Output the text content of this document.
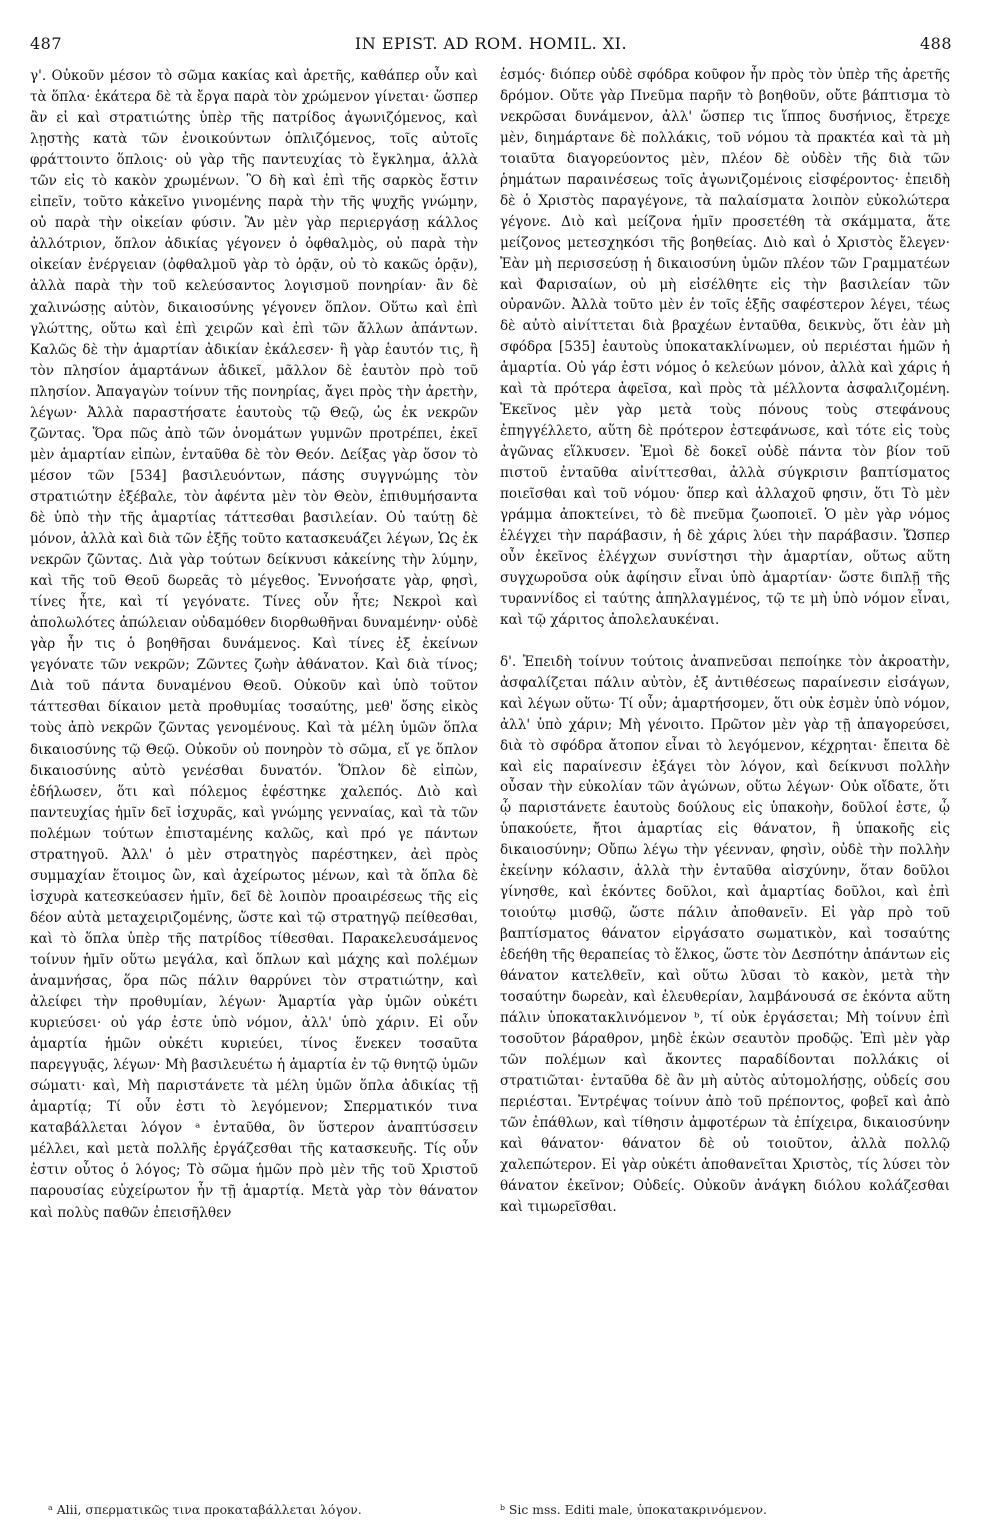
487	IN EPIST. AD ROM. HOMIL. XI.	488

γ'. Οὐκοῦν μέσον τὸ σῶμα κακίας καὶ ἀρετῆς, καθάπερ οὖν καὶ τὰ ὅπλα· ἑκάτερα δὲ τὰ ἔργα παρὰ τὸν χρώμενον γίνεται· ὥσπερ ἂν εἰ καὶ στρατιώτης ὑπὲρ τῆς πατρίδος ἀγωνιζόμενος, καὶ λῃστὴς κατὰ τῶν ἐνοικούντων ὁπλιζόμενος, τοῖς αὐτοῖς φράττοιντο ὅπλοις· οὐ γὰρ τῆς παντευχίας τὸ ἔγκλημα, ἀλλὰ τῶν εἰς τὸ κακὸν χρωμένων. Ὃ δὴ καὶ ἐπὶ τῆς σαρκὸς ἔστιν εἰπεῖν, τοῦτο κἀκεῖνο γινομένης παρὰ τὴν τῆς ψυχῆς γνώμην, οὐ παρὰ τὴν οἰκείαν φύσιν. Ἂν μὲν γὰρ περιεργάσῃ κάλλος ἀλλότριον, ὅπλον ἀδικίας γέγονεν ὁ ὀφθαλμὸς, οὐ παρὰ τὴν οἰκείαν ἐνέργειαν (ὀφθαλμοῦ γὰρ τὸ ὁρᾷν, οὐ τὸ κακῶς ὁρᾷν), ἀλλὰ παρὰ τὴν τοῦ κελεύσαντος λογισμοῦ πονηρίαν· ἂν δὲ χαλινώσῃς αὐτὸν, δικαιοσύνης γέγονεν ὅπλον. Οὕτω καὶ ἐπὶ γλώττης, οὕτω καὶ ἐπὶ χειρῶν καὶ ἐπὶ τῶν ἄλλων ἁπάντων. Καλῶς δὲ τὴν ἁμαρτίαν ἀδικίαν ἐκάλεσεν· ἢ γὰρ ἑαυτόν τις, ἢ τὸν πλησίον ἁμαρτάνων ἀδικεῖ, μᾶλλον δὲ ἑαυτὸν πρὸ τοῦ πλησίον. Ἀπαγαγὼν τοίνυν τῆς πονηρίας, ἄγει πρὸς τὴν ἀρετὴν, λέγων· Ἀλλὰ παραστήσατε ἑαυτοὺς τῷ Θεῷ, ὡς ἐκ νεκρῶν ζῶντας. Ὅρα πῶς ἀπὸ τῶν ὀνομάτων γυμνῶν προτρέπει, ἐκεῖ μὲν ἁμαρτίαν εἰπὼν, ἐνταῦθα δὲ τὸν Θεόν. Δείξας γὰρ ὅσον τὸ μέσον τῶν [534] βασιλευόντων, πάσης συγγνώμης τὸν στρατιώτην ἐξέβαλε, τὸν ἀφέντα μὲν τὸν Θεὸν, ἐπιθυμήσαντα δὲ ὑπὸ τὴν τῆς ἁμαρτίας τάττεσθαι βασιλείαν. Οὐ ταύτῃ δὲ μόνον, ἀλλὰ καὶ διὰ τῶν ἑξῆς τοῦτο κατασκευάζει λέγων, Ὡς ἐκ νεκρῶν ζῶντας. Διὰ γὰρ τούτων δείκνυσι κἀκείνης τὴν λύμην, καὶ τῆς τοῦ Θεοῦ δωρεᾶς τὸ μέγεθος. Ἐννοήσατε γὰρ, φησὶ, τίνες ἦτε, καὶ τί γεγόνατε. Τίνες οὖν ἦτε; Νεκροὶ καὶ ἀπολωλότες ἀπώλειαν οὐδαμόθεν διορθωθῆναι δυναμένην· οὐδὲ γὰρ ἦν τις ὁ βοηθῆσαι δυνάμενος. Καὶ τίνες ἐξ ἐκείνων γεγόνατε τῶν νεκρῶν; Ζῶντες ζωὴν ἀθάνατον. Καὶ διὰ τίνος; Διὰ τοῦ πάντα δυναμένου Θεοῦ. Οὐκοῦν καὶ ὑπὸ τοῦτον τάττεσθαι δίκαιον μετὰ προθυμίας τοσαύτης, μεθ' ὅσης εἰκὸς τοὺς ἀπὸ νεκρῶν ζῶντας γενομένους. Καὶ τὰ μέλη ὑμῶν ὅπλα δικαιοσύνης τῷ Θεῷ. Οὐκοῦν οὐ πονηρὸν τὸ σῶμα, εἴ γε ὅπλον δικαιοσύνης αὐτὸ γενέσθαι δυνατόν. Ὅπλον δὲ εἰπὼν, ἐδήλωσεν, ὅτι καὶ πόλεμος ἐφέστηκε χαλεπός. Διὸ καὶ παντευχίας ἡμῖν δεῖ ἰσχυρᾶς, καὶ γνώμης γενναίας, καὶ τὰ τῶν πολέμων τούτων ἐπισταμένης καλῶς, καὶ πρό γε πάντων στρατηγοῦ. Ἀλλ' ὁ μὲν στρατηγὸς παρέστηκεν, ἀεὶ πρὸς συμμαχίαν ἕτοιμος ὢν, καὶ ἀχείρωτος μένων, καὶ τὰ ὅπλα δὲ ἰσχυρὰ κατεσκεύασεν ἡμῖν, δεῖ δὲ λοιπὸν προαιρέσεως τῆς εἰς δέον αὐτὰ μεταχειριζομένης, ὥστε καὶ τῷ στρατηγῷ πείθεσθαι, καὶ τὸ ὅπλα ὑπὲρ τῆς πατρίδος τίθεσθαι. Παρακελευσάμενος τοίνυν ἡμῖν οὕτω μεγάλα, καὶ ὅπλων καὶ μάχης καὶ πολέμων ἀναμνήσας, ὅρα πῶς πάλιν θαρρύνει τὸν στρατιώτην, καὶ ἀλείφει τὴν προθυμίαν, λέγων· Ἁμαρτία γὰρ ὑμῶν οὐκέτι κυριεύσει· οὐ γάρ ἐστε ὑπὸ νόμον, ἀλλ' ὑπὸ χάριν. Εἰ οὖν ἁμαρτία ἡμῶν οὐκέτι κυριεύει, τίνος ἕνεκεν τοσαῦτα παρεγγυᾷς, λέγων· Μὴ βασιλευέτω ἡ ἁμαρτία ἐν τῷ θνητῷ ὑμῶν σώματι· καὶ, Μὴ παριστάνετε τὰ μέλη ὑμῶν ὅπλα ἀδικίας τῇ ἁμαρτίᾳ; Τί οὖν ἐστι τὸ λεγόμενον; Σπερματικόν τινα καταβάλλεται λόγον ᵃ ἐνταῦθα, ὃν ὕστερον ἀναπτύσσειν μέλλει, καὶ μετὰ πολλῆς ἐργάζεσθαι τῆς κατασκευῆς. Τίς οὖν ἐστιν οὗτος ὁ λόγος; Τὸ σῶμα ἡμῶν πρὸ μὲν τῆς τοῦ Χριστοῦ παρουσίας εὐχείρωτον ἦν τῇ ἁμαρτίᾳ. Μετὰ γὰρ τὸν θάνατον καὶ πολὺς παθῶν ἐπεισῆλθεν

ἑσμός· διόπερ οὐδὲ σφόδρα κοῦφον ἦν πρὸς τὸν ὑπὲρ τῆς ἀρετῆς δρόμον. Οὔτε γὰρ Πνεῦμα παρῆν τὸ βοηθοῦν, οὔτε βάπτισμα τὸ νεκρῶσαι δυνάμενον, ἀλλ' ὥσπερ τις ἵππος δυσήνιος, ἔτρεχε μὲν, διημάρτανε δὲ πολλάκις, τοῦ νόμου τὰ πρακτέα καὶ τὰ μὴ τοιαῦτα διαγορεύοντος μὲν, πλέον δὲ οὐδὲν τῆς διὰ τῶν ῥημάτων παραινέσεως τοῖς ἀγωνιζομένοις εἰσφέροντος· ἐπειδὴ δὲ ὁ Χριστὸς παραγέγονε, τὰ παλαίσματα λοιπὸν εὐκολώτερα γέγονε. Διὸ καὶ μείζονα ἡμῖν προσετέθη τὰ σκάμματα, ἅτε μείζονος μετεσχηκόσι τῆς βοηθείας. Διὸ καὶ ὁ Χριστὸς ἔλεγεν· Ἐὰν μὴ περισσεύσῃ ἡ δικαιοσύνη ὑμῶν πλέον τῶν Γραμματέων καὶ Φαρισαίων, οὐ μὴ εἰσέλθητε εἰς τὴν βασιλείαν τῶν οὐρανῶν. Ἀλλὰ τοῦτο μὲν ἐν τοῖς ἑξῆς σαφέστερον λέγει, τέως δὲ αὐτὸ αἰνίττεται διὰ βραχέων ἐνταῦθα, δεικνὺς, ὅτι ἐὰν μὴ σφόδρα [535] ἑαυτοὺς ὑποκατακλίνωμεν, οὐ περιέσται ἡμῶν ἡ ἁμαρτία. Οὐ γάρ ἐστι νόμος ὁ κελεύων μόνον, ἀλλὰ καὶ χάρις ἡ καὶ τὰ πρότερα ἀφεῖσα, καὶ πρὸς τὰ μέλλοντα ἀσφαλιζομένη. Ἐκεῖνος μὲν γὰρ μετὰ τοὺς πόνους τοὺς στεφάνους ἐπηγγέλλετο, αὕτη δὲ πρότερον ἐστεφάνωσε, καὶ τότε εἰς τοὺς ἀγῶνας εἵλκυσεν. Ἐμοὶ δὲ δοκεῖ οὐδὲ πάντα τὸν βίον τοῦ πιστοῦ ἐνταῦθα αἰνίττεσθαι, ἀλλὰ σύγκρισιν βαπτίσματος ποιεῖσθαι καὶ τοῦ νόμου· ὅπερ καὶ ἀλλαχοῦ φησιν, ὅτι Τὸ μὲν γράμμα ἀποκτείνει, τὸ δὲ πνεῦμα ζωοποιεῖ. Ὁ μὲν γὰρ νόμος ἐλέγχει τὴν παράβασιν, ἡ δὲ χάρις λύει τὴν παράβασιν. Ὥσπερ οὖν ἐκεῖνος ἐλέγχων συνίστησι τὴν ἁμαρτίαν, οὕτως αὕτη συγχωροῦσα οὐκ ἀφίησιν εἶναι ὑπὸ ἁμαρτίαν· ὥστε διπλῇ τῆς τυραννίδος εἰ ταύτης ἀπηλλαγμένος, τῷ τε μὴ ὑπὸ νόμον εἶναι, καὶ τῷ χάριτος ἀπολελαυκέναι.

δ'. Ἐπειδὴ τοίνυν τούτοις ἀναπνεῦσαι πεποίηκε τὸν ἀκροατὴν, ἀσφαλίζεται πάλιν αὐτὸν, ἐξ ἀντιθέσεως παραίνεσιν εἰσάγων, καὶ λέγων οὕτω· Τί οὖν; ἁμαρτήσομεν, ὅτι οὐκ ἐσμὲν ὑπὸ νόμον, ἀλλ' ὑπὸ χάριν; Μὴ γένοιτο. Πρῶτον μὲν γὰρ τῇ ἀπαγορεύσει, διὰ τὸ σφόδρα ἄτοπον εἶναι τὸ λεγόμενον, κέχρηται· ἔπειτα δὲ καὶ εἰς παραίνεσιν ἐξάγει τὸν λόγον, καὶ δείκνυσι πολλὴν οὖσαν τὴν εὐκολίαν τῶν ἀγώνων, οὕτω λέγων· Οὐκ οἴδατε, ὅτι ᾧ παριστάνετε ἑαυτοὺς δούλους εἰς ὑπακοὴν, δοῦλοί ἐστε, ᾧ ὑπακούετε, ἤτοι ἁμαρτίας εἰς θάνατον, ἢ ὑπακοῆς εἰς δικαιοσύνην; Οὔπω λέγω τὴν γέενναν, φησὶν, οὐδὲ τὴν πολλὴν ἐκείνην κόλασιν, ἀλλὰ τὴν ἐνταῦθα αἰσχύνην, ὅταν δοῦλοι γίνησθε, καὶ ἑκόντες δοῦλοι, καὶ ἁμαρτίας δοῦλοι, καὶ ἐπὶ τοιούτῳ μισθῷ, ὥστε πάλιν ἀποθανεῖν. Εἰ γὰρ πρὸ τοῦ βαπτίσματος θάνατον εἰργάσατο σωματικὸν, καὶ τοσαύτης ἐδεήθη τῆς θεραπείας τὸ ἕλκος, ὥστε τὸν Δεσπότην ἁπάντων εἰς θάνατον κατελθεῖν, καὶ οὕτω λῦσαι τὸ κακὸν, μετὰ τὴν τοσαύτην δωρεὰν, καὶ ἐλευθερίαν, λαμβάνουσά σε ἑκόντα αὕτη πάλιν ὑποκατακλινόμενον ᵇ, τί οὐκ ἐργάσεται; Μὴ τοίνυν ἐπὶ τοσοῦτον βάραθρον, μηδὲ ἑκὼν σεαυτὸν προδῷς. Ἐπὶ μὲν γὰρ τῶν πολέμων καὶ ἄκοντες παραδίδονται πολλάκις οἱ στρατιῶται· ἐνταῦθα δὲ ἂν μὴ αὐτὸς αὐτομολήσῃς, οὐδείς σου περιέσται. Ἐντρέψας τοίνυν ἀπὸ τοῦ πρέποντος, φοβεῖ καὶ ἀπὸ τῶν ἐπάθλων, καὶ τίθησιν ἀμφοτέρων τὰ ἐπίχειρα, δικαιοσύνην καὶ θάνατον· θάνατον δὲ οὐ τοιοῦτον, ἀλλὰ πολλῷ χαλεπώτερον. Εἰ γὰρ οὐκέτι ἀποθανεῖται Χριστὸς, τίς λύσει τὸν θάνατον ἐκεῖνον; Οὐδείς. Οὐκοῦν ἀνάγκη διόλου κολάζεσθαι καὶ τιμωρεῖσθαι.

ᵃ Alii, σπερματικῶς τινα προκαταβάλλεται λόγον.	ᵇ Sic mss. Editi male, ὑποκατακρινόμενον.
